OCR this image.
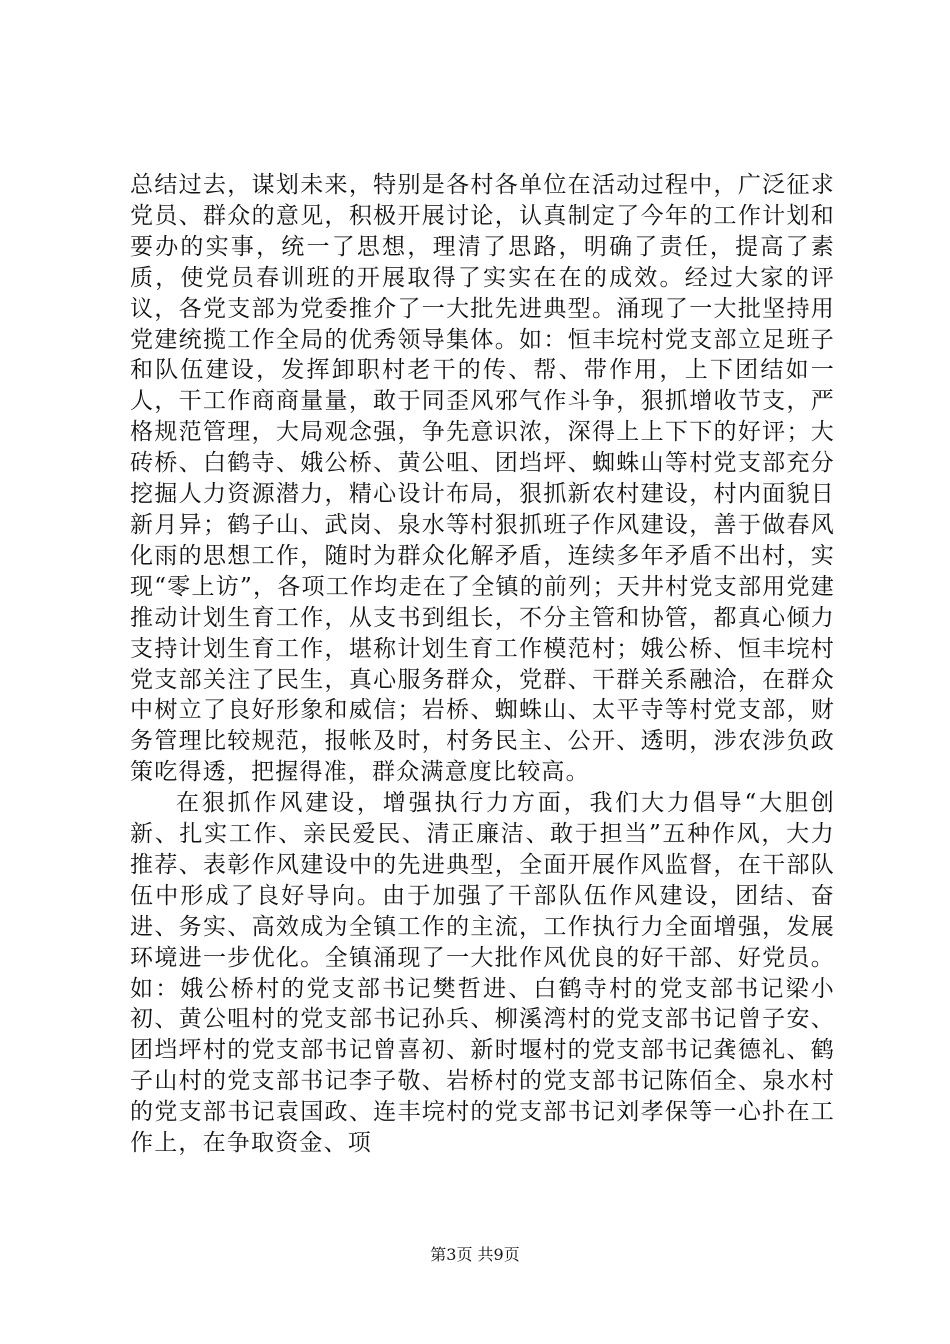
总结过去，谋划未来，特别是各村各单位在活动过程中，广泛征求党员、群众的意见，积极开展讨论，认真制定了今年的工作计划和要办的实事，统一了思想，理清了思路，明确了责任，提高了素质，使党员春训班的开展取得了实实在在的成效。经过大家的评议，各党支部为党委推介了一大批先进典型。涌现了一大批坚持用党建统揽工作全局的优秀领导集体。如：恒丰垸村党支部立足班子和队伍建设，发挥卸职村老干的传、帮、带作用，上下团结如一人，干工作商商量量，敢于同歪风邪气作斗争，狠抓增收节支，严格规范管理，大局观念强，争先意识浓，深得上上下下的好评；大砖桥、白鹤寺、娥公桥、黄公咀、团垱坪、蜘蛛山等村党支部充分挖掘人力资源潜力，精心设计布局，狠抓新农村建设，村内面貌日新月异；鹤子山、武岗、泉水等村狠抓班子作风建设，善于做春风化雨的思想工作，随时为群众化解矛盾，连续多年矛盾不出村，实现“零上访”，各项工作均走在了全镇的前列；天井村党支部用党建推动计划生育工作，从支书到组长，不分主管和协管，都真心倾力支持计划生育工作，堪称计划生育工作模范村；娥公桥、恒丰垸村党支部关注了民生，真心服务群众，党群、干群关系融洽，在群众中树立了良好形象和威信；岩桥、蜘蛛山、太平寺等村党支部，财务管理比较规范，报帐及时，村务民主、公开、透明，涉农涉负政策吃得透，把握得准，群众满意度比较高。

在狠抓作风建设，增强执行力方面，我们大力倡导“大胆创新、扎实工作、亲民爱民、清正廉洁、敢于担当”五种作风，大力推荐、表彰作风建设中的先进典型，全面开展作风监督，在干部队伍中形成了良好导向。由于加强了干部队伍作风建设，团结、奋进、务实、高效成为全镇工作的主流，工作执行力全面增强，发展环境进一步优化。全镇涌现了一大批作风优良的好干部、好党员。如：娥公桥村的党支部书记樊哲进、白鹤寺村的党支部书记梁小初、黄公咀村的党支部书记孙兵、柳溪湾村的党支部书记曾子安、团垱坪村的党支部书记曾喜初、新时堰村的党支部书记龚德礼、鹤子山村的党支部书记李子敬、岩桥村的党支部书记陈佰全、泉水村的党支部书记袁国政、连丰垸村的党支部书记刘孝保等一心扑在工作上，在争取资金、项

第3页 共9页
